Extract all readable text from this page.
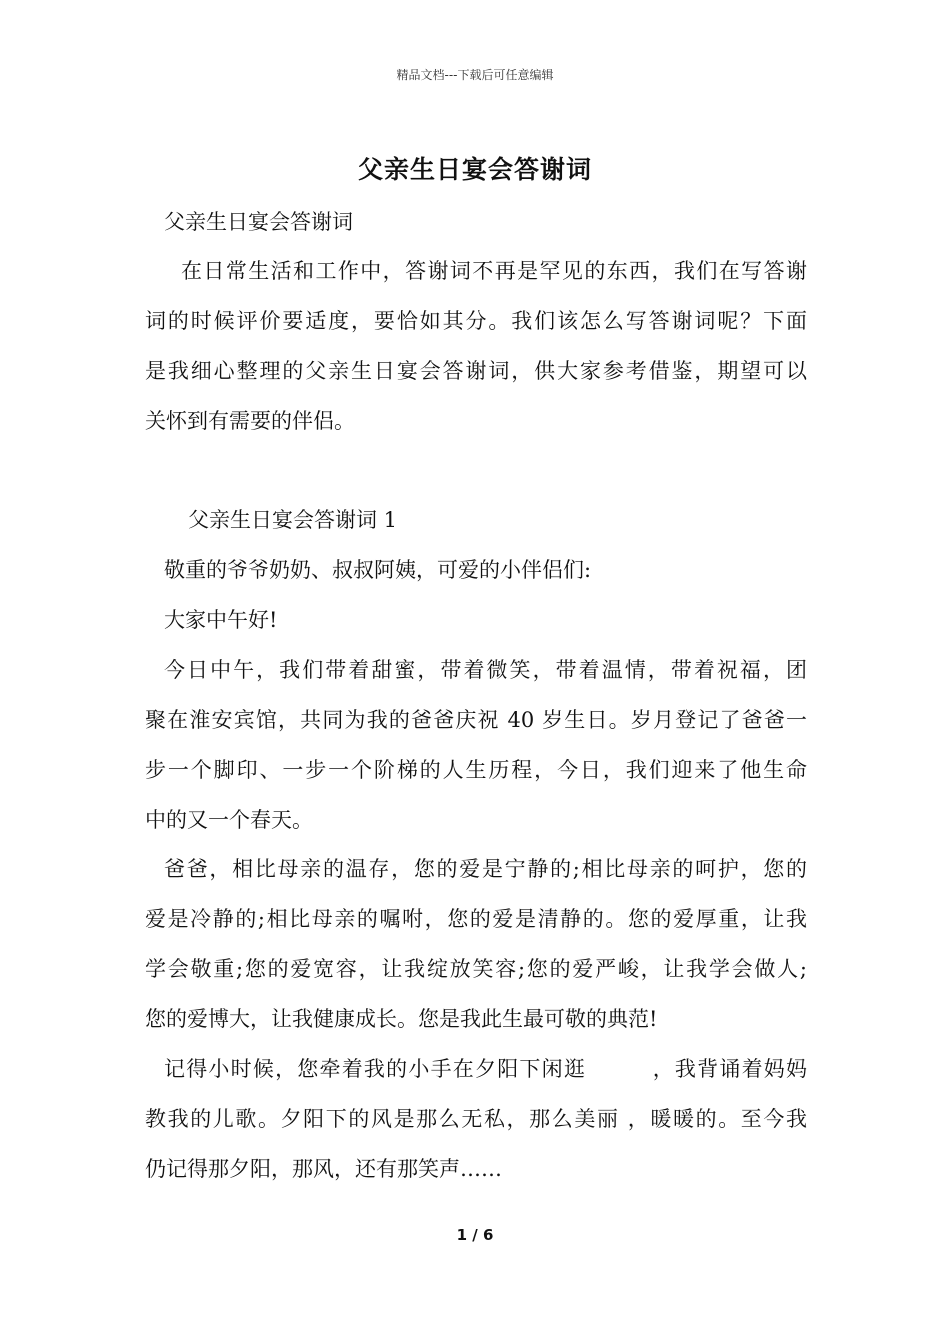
精品文档---下载后可任意编辑
父亲生日宴会答谢词
父亲生日宴会答谢词
在日常生活和工作中，答谢词不再是罕见的东西，我们在写答谢
词的时候评价要适度，要恰如其分。我们该怎么写答谢词呢？下面
是我细心整理的父亲生日宴会答谢词，供大家参考借鉴，期望可以
关怀到有需要的伴侣。
父亲生日宴会答谢词 1
敬重的爷爷奶奶、叔叔阿姨，可爱的小伴侣们:
大家中午好!
今日中午，我们带着甜蜜，带着微笑，带着温情，带着祝福，团
聚在淮安宾馆，共同为我的爸爸庆祝 40 岁生日。岁月登记了爸爸一
步一个脚印、一步一个阶梯的人生历程，今日，我们迎来了他生命
中的又一个春天。
爸爸，相比母亲的温存，您的爱是宁静的;相比母亲的呵护，您的
爱是冷静的;相比母亲的嘱咐，您的爱是清静的。您的爱厚重，让我
学会敬重;您的爱宽容，让我绽放笑容;您的爱严峻，让我学会做人;
您的爱博大，让我健康成长。您是我此生最可敬的典范!
记得小时候，您牵着我的小手在夕阳下闲逛　　　，我背诵着妈妈
教我的儿歌。夕阳下的风是那么无私，那么美丽 ，暖暖的。至今我
仍记得那夕阳，那风，还有那笑声……
1 / 6
